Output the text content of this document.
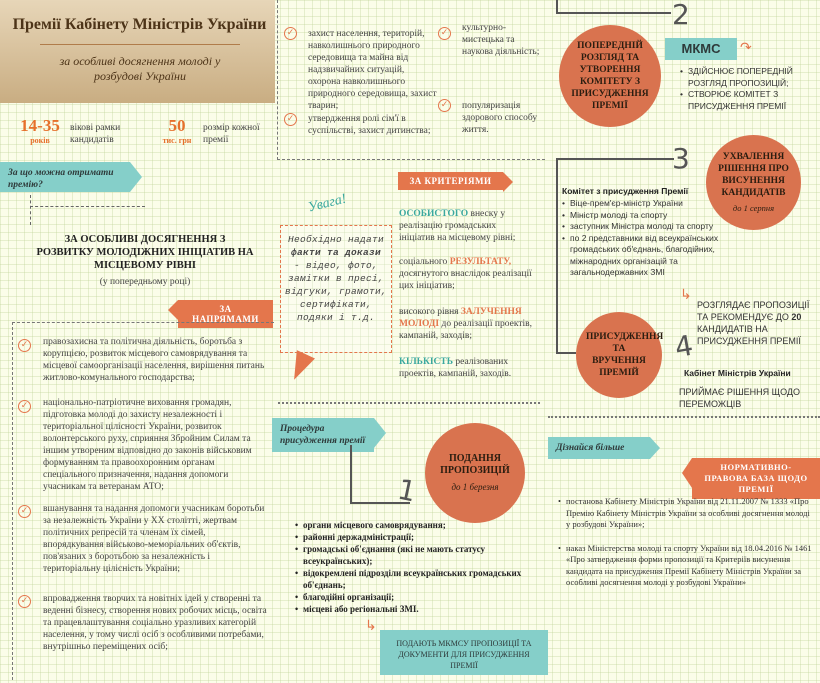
Премії Кабінету Міністрів України
за особливі досягнення молоді у розбудові України
14-35
років
вікові рамки кандидатів
50
тис. грн
розмір кожної премії
За що можна отримати премію?
ЗА ОСОБЛИВІ ДОСЯГНЕННЯ З РОЗВИТКУ МОЛОДІЖНИХ ІНІЦІАТИВ НА МІСЦЕВОМУ РІВНІ
(у попередньому році)
ЗА НАПРЯМАМИ
✓ правозахисна та політична діяльність, боротьба з корупцією, розвиток місцевого самоврядування та місцевої самоорганізації населення, вирішення питань житлово-комунального господарства;
✓ національно-патріотичне виховання громадян, підготовка молоді до захисту незалежності і територіальної цілісності України, розвиток волонтерського руху, сприяння Збройним Силам та іншим утвореним відповідно до законів військовим формуванням та правоохоронним органам спеціального призначення, надання допомоги учасникам та ветеранам АТО;
✓ вшанування та надання допомоги учасникам боротьби за незалежність України у XX столітті, жертвам політичних репресій та членам їх сімей, впорядкування військово-меморіальних об'єктів, пов'язаних з боротьбою за незалежність і територіальну цілісність України;
✓ впровадження творчих та новітніх ідей у створенні та веденні бізнесу, створення нових робочих місць, освіта та працевлаштування соціально уразливих категорій населення, у тому числі осіб з особливими потребами, внутрішньо переміщених осіб;
✓ захист населення, територій, навколишнього природного середовища та майна від надзвичайних ситуацій, охорона навколишнього природного середовища, захист тварин;
✓ утвердження ролі сім'ї в суспільстві, захист дитинства;
✓ культурно-мистецька та наукова діяльність;
✓ популяризація здорового способу життя.
ЗА КРИТЕРІЯМИ
Увага!
Необхідно надати факти та докази - відео, фото, замітки в пресі, відгуки, грамоти, сертифікати, подяки і т.д.
ОСОБИСТОГО внеску у реалізацію громадських ініціатив на місцевому рівні;
соціального РЕЗУЛЬТАТУ, досягнутого внаслідок реалізації цих ініціатив;
високого рівня ЗАЛУЧЕННЯ МОЛОДІ до реалізації проектів, кампаній, заходів;
КІЛЬКІСТЬ реалізованих проектів, кампаній, заходів.
Процедура присудження премії
ПОДАННЯ ПРОПОЗИЦІЙ
до 1 березня
1
• органи місцевого самоврядування;
• районні держадміністрації;
• громадські об'єднання (які не мають статусу всеукраїнських);
• відокремлені підрозділи всеукраїнських громадських об'єднань;
• благодійні організації;
• місцеві або регіональні ЗМІ.
↳
ПОДАЮТЬ МКМСУ ПРОПОЗИЦІЇ ТА ДОКУМЕНТИ ДЛЯ ПРИСУДЖЕННЯ ПРЕМІЇ
2
ПОПЕРЕДНІЙ РОЗГЛЯД ТА УТВОРЕННЯ КОМІТЕТУ З ПРИСУДЖЕННЯ ПРЕМІЇ
МКМС	↷
• ЗДІЙСНЮЄ ПОПЕРЕДНІЙ РОЗГЛЯД ПРОПОЗИЦІЙ;
• СТВОРЮЄ КОМІТЕТ З ПРИСУДЖЕННЯ ПРЕМІЇ
3	УХВАЛЕННЯ РІШЕННЯ ПРО ВИСУНЕННЯ КАНДИДАТІВ
до 1 серпня
Комітет з присудження Премії
• Віце-прем'єр-міністр України
• Міністр молоді та спорту
• заступник Міністра молоді та спорту
• по 2 представники від всеукраїнських громадських об'єднань, благодійних, міжнародних організацій та загальнодержавних ЗМІ
↳
РОЗГЛЯДАЄ ПРОПОЗИЦІЇ ТА РЕКОМЕНДУЄ ДО 20 КАНДИДАТІВ НА ПРИСУДЖЕННЯ ПРЕМІЇ
ПРИСУДЖЕННЯ ТА ВРУЧЕННЯ ПРЕМІЙ
4
Кабінет Міністрів України
ПРИЙМАЄ РІШЕННЯ ЩОДО ПЕРЕМОЖЦІВ
Дізнайся більше
НОРМАТИВНО-ПРАВОВА БАЗА ЩОДО ПРЕМІЇ
• постанова Кабінету Міністрів України від 21.11.2007 № 1333 «Про Премію Кабінету Міністрів України за особливі досягнення молоді у розбудові України»;
• наказ Міністерства молоді та спорту України від 18.04.2016 № 1461 «Про затвердження форми пропозиції та Критеріїв висунення кандидата на присудження Премії Кабінету Міністрів України за особливі досягнення молоді у розбудові України»
